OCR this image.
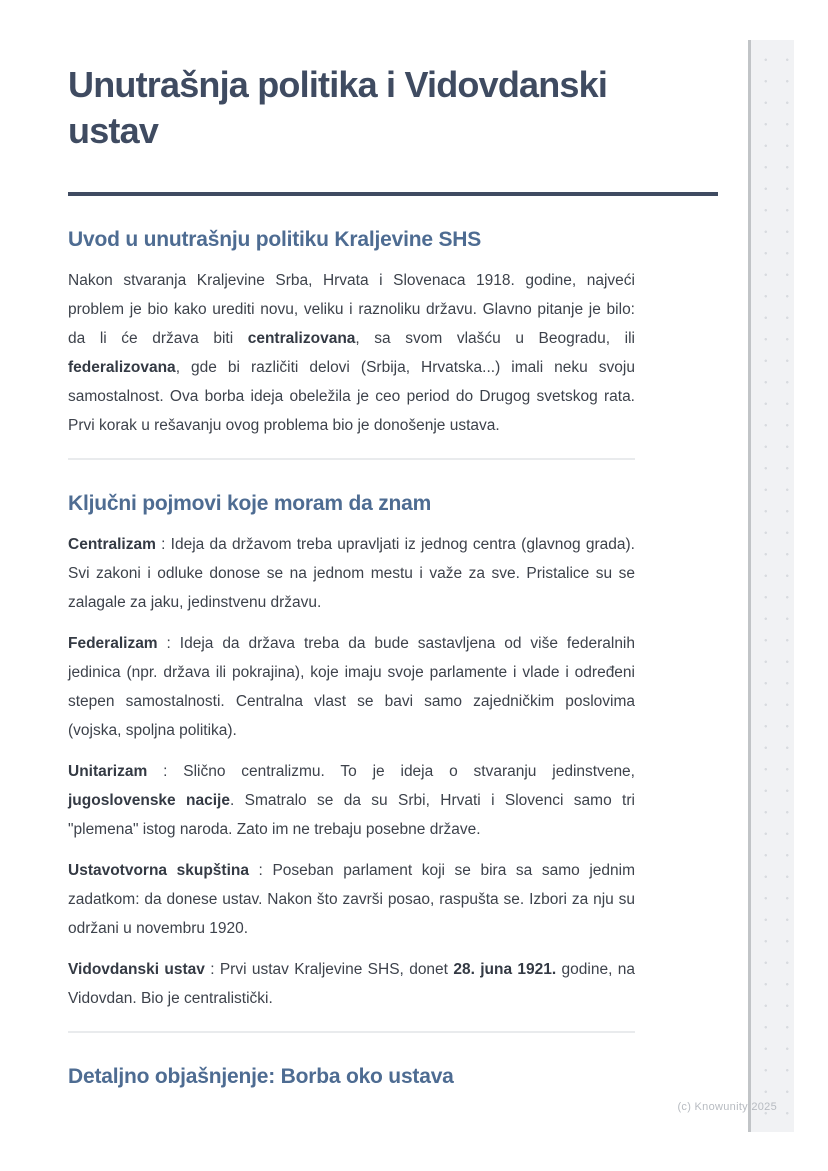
Unutrašnja politika i Vidovdanski ustav
Uvod u unutrašnju politiku Kraljevine SHS

Nakon stvaranja Kraljevine Srba, Hrvata i Slovenaca 1918. godine, najveći problem je bio kako urediti novu, veliku i raznoliku državu. Glavno pitanje je bilo: da li će država biti centralizovana, sa svom vlašću u Beogradu, ili federalizovana, gde bi različiti delovi (Srbija, Hrvatska...) imali neku svoju samostalnost. Ova borba ideja obeležila je ceo period do Drugog svetskog rata. Prvi korak u rešavanju ovog problema bio je donošenje ustava.

Ključni pojmovi koje moram da znam

Centralizam : Ideja da državom treba upravljati iz jednog centra (glavnog grada). Svi zakoni i odluke donose se na jednom mestu i važe za sve. Pristalice su se zalagale za jaku, jedinstvenu državu.

Federalizam : Ideja da država treba da bude sastavljena od više federalnih jedinica (npr. država ili pokrajina), koje imaju svoje parlamente i vlade i određeni stepen samostalnosti. Centralna vlast se bavi samo zajedničkim poslovima (vojska, spoljna politika).

Unitarizam : Slično centralizmu. To je ideja o stvaranju jedinstvene, jugoslovenske nacije. Smatralo se da su Srbi, Hrvati i Slovenci samo tri "plemena" istog naroda. Zato im ne trebaju posebne države.

Ustavotvorna skupština : Poseban parlament koji se bira sa samo jednim zadatkom: da donese ustav. Nakon što završi posao, raspušta se. Izbori za nju su održani u novembru 1920.

Vidovdanski ustav : Prvi ustav Kraljevine SHS, donet 28. juna 1921. godine, na Vidovdan. Bio je centralistički.

Detaljno objašnjenje: Borba oko ustava
(c) Knowunity 2025
